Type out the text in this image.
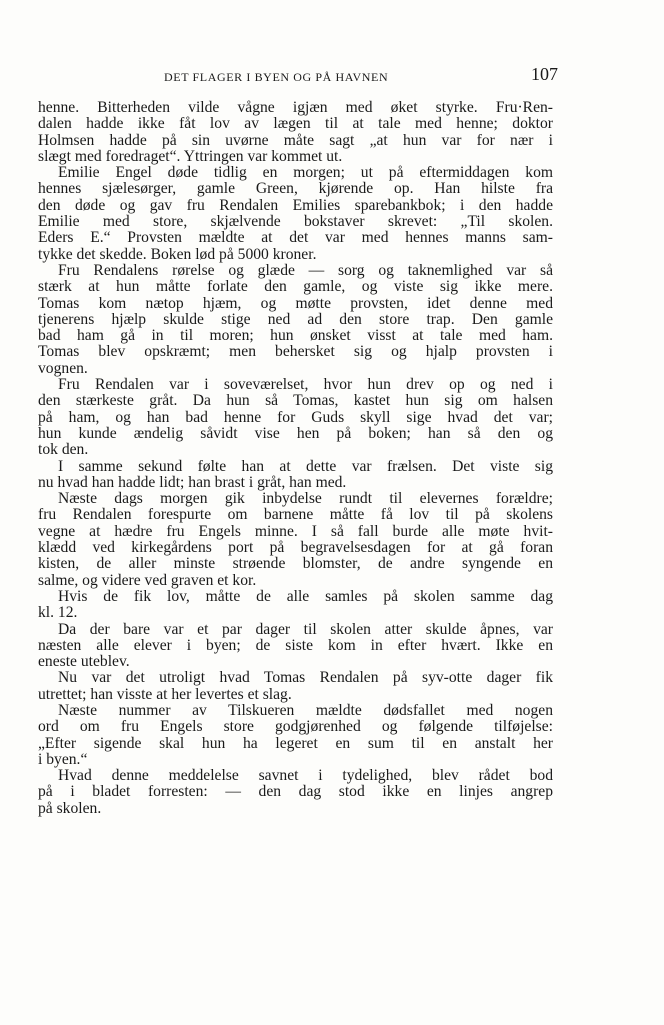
DET FLAGER I BYEN OG PÅ HAVNEN	107
henne. Bitterheden vilde vågne igjæn med øket styrke. Fru·Ren-
dalen hadde ikke fåt lov av lægen til at tale med henne; doktor
Holmsen hadde på sin uvørne måte sagt „at hun var for nær i
slægt med foredraget“. Yttringen var kommet ut.
Emilie Engel døde tidlig en morgen; ut på eftermiddagen kom
hennes sjælesørger, gamle Green, kjørende op. Han hilste fra
den døde og gav fru Rendalen Emilies sparebankbok; i den hadde
Emilie med store, skjælvende bokstaver skrevet: „Til skolen.
Eders E.“ Provsten mældte at det var med hennes manns sam-
tykke det skedde. Boken lød på 5000 kroner.
Fru Rendalens rørelse og glæde — sorg og taknemlighed var så
stærk at hun måtte forlate den gamle, og viste sig ikke mere.
Tomas kom nætop hjæm, og møtte provsten, idet denne med
tjenerens hjælp skulde stige ned ad den store trap. Den gamle
bad ham gå in til moren; hun ønsket visst at tale med ham.
Tomas blev opskræmt; men behersket sig og hjalp provsten i
vognen.
Fru Rendalen var i soveværelset, hvor hun drev op og ned i
den stærkeste gråt. Da hun så Tomas, kastet hun sig om halsen
på ham, og han bad henne for Guds skyll sige hvad det var;
hun kunde ændelig såvidt vise hen på boken; han så den og
tok den.
I samme sekund følte han at dette var frælsen. Det viste sig
nu hvad han hadde lidt; han brast i gråt, han med.
Næste dags morgen gik inbydelse rundt til elevernes forældre;
fru Rendalen forespurte om barnene måtte få lov til på skolens
vegne at hædre fru Engels minne. I så fall burde alle møte hvit-
klædd ved kirkegårdens port på begravelsesdagen for at gå foran
kisten, de aller minste strøende blomster, de andre syngende en
salme, og videre ved graven et kor.
Hvis de fik lov, måtte de alle samles på skolen samme dag
kl. 12.
Da der bare var et par dager til skolen atter skulde åpnes, var
næsten alle elever i byen; de siste kom in efter hvært. Ikke en
eneste uteblev.
Nu var det utroligt hvad Tomas Rendalen på syv-otte dager fik
utrettet; han visste at her levertes et slag.
Næste nummer av Tilskueren mældte dødsfallet med nogen
ord om fru Engels store godgjørenhed og følgende tilføjelse:
„Efter sigende skal hun ha legeret en sum til en anstalt her
i byen.“
Hvad denne meddelelse savnet i tydelighed, blev rådet bod
på i bladet forresten: — den dag stod ikke en linjes angrep
på skolen.
